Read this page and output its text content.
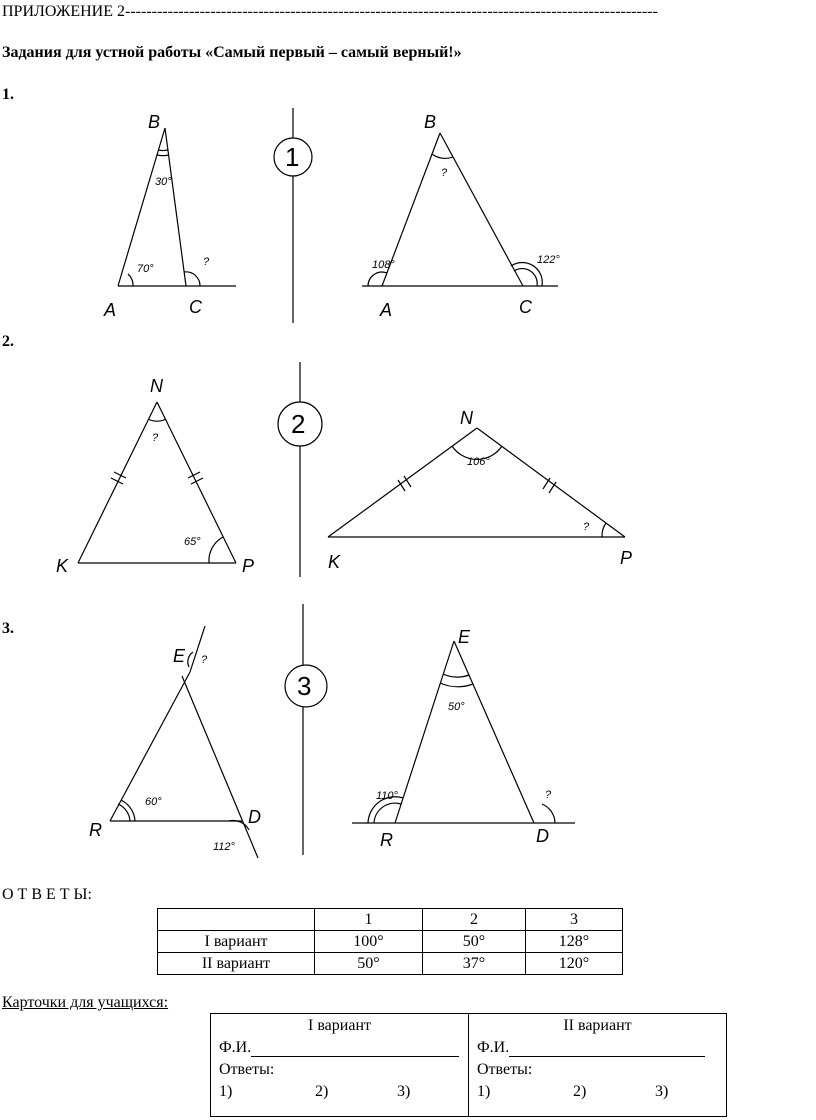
ПРИЛОЖЕНИЕ 2----------------------------------------------------------------------------------------------------
Задания для устной работы «Самый первый – самый верный!»
1.
2.
3.
B
A	C
30°
70°
?
1
B
A	C
?
108°	122°
N
K	P
?
65°
2	N
K	P
106°
?
E
R
D
?
60°
112°
3
E
R	D
50°
110°	?
О Т В Е Т Ы:
	1	2	3
I вариант	100°	50°	128°
II вариант	50°	37°	120°
Карточки для учащихся:
I вариант
Ф.И.
Ответы:
1)	2)	3)
II вариант
Ф.И.
Ответы:
1)	2)	3)
